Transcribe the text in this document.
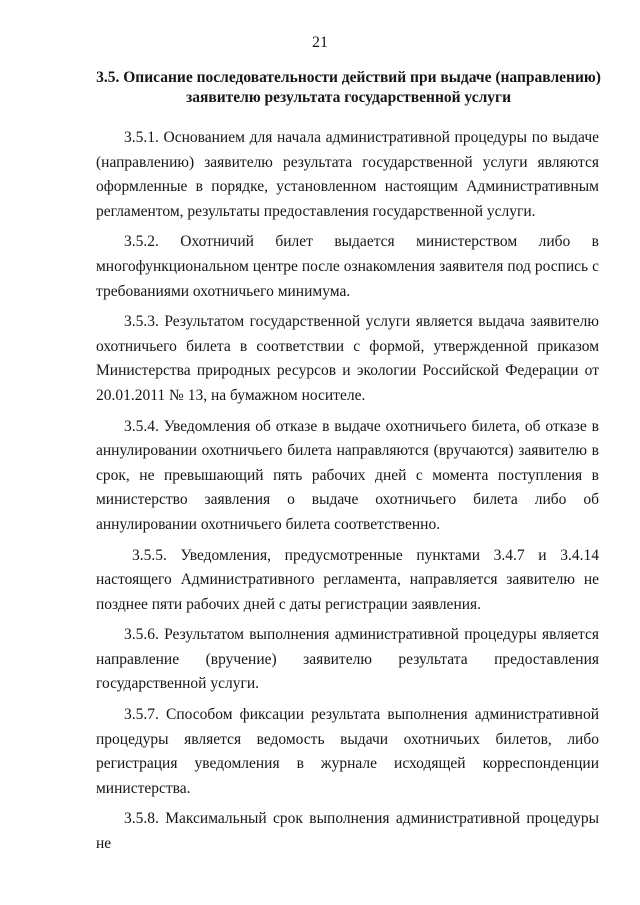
21
3.5. Описание последовательности действий при выдаче (направлению) заявителю результата государственной услуги

3.5.1. Основанием для начала административной процедуры по выдаче (направлению) заявителю результата государственной услуги являются оформленные в порядке, установленном настоящим Административным регламентом, результаты предоставления государственной услуги.

3.5.2. Охотничий билет выдается министерством либо в многофункциональном центре после ознакомления заявителя под роспись с требованиями охотничьего минимума.

3.5.3. Результатом государственной услуги является выдача заявителю охотничьего билета в соответствии с формой, утвержденной приказом Министерства природных ресурсов и экологии Российской Федерации от 20.01.2011 № 13, на бумажном носителе.

3.5.4. Уведомления об отказе в выдаче охотничьего билета, об отказе в аннулировании охотничьего билета направляются (вручаются) заявителю в срок, не превышающий пять рабочих дней с момента поступления в министерство заявления о выдаче охотничьего билета либо об аннулировании охотничьего билета соответственно.

3.5.5. Уведомления, предусмотренные пунктами 3.4.7 и 3.4.14 настоящего Административного регламента, направляется заявителю не позднее пяти рабочих дней с даты регистрации заявления.

3.5.6. Результатом выполнения административной процедуры является направление (вручение) заявителю результата предоставления государственной услуги.

3.5.7. Способом фиксации результата выполнения административной процедуры является ведомость выдачи охотничьих билетов, либо регистрация уведомления в журнале исходящей корреспонденции министерства.

3.5.8. Максимальный срок выполнения административной процедуры не
